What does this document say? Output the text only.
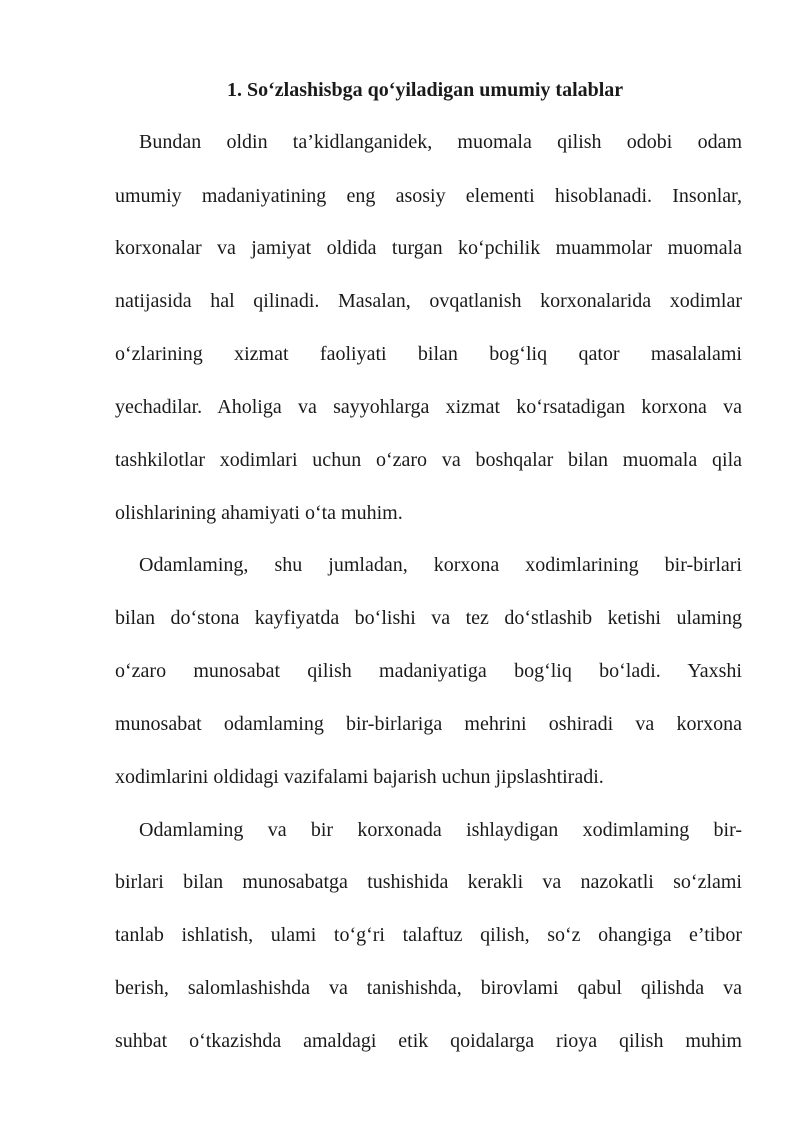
1. So‘zlashisbga qo‘yiladigan umumiy talablar
Bundan oldin ta’kidlanganidek, muomala qilish odobi odam
umumiy madaniyatining eng asosiy elementi hisoblanadi. Insonlar,
korxonalar va jamiyat oldida turgan ko‘pchilik muammolar muomala
natijasida hal qilinadi. Masalan, ovqatlanish korxonalarida xodimlar
o‘zlarining xizmat faoliyati bilan bog‘liq qator masalalami
yechadilar. Aholiga va sayyohlarga xizmat ko‘rsatadigan korxona va
tashkilotlar xodimlari uchun o‘zaro va boshqalar bilan muomala qila
olishlarining ahamiyati o‘ta muhim.
Odamlaming, shu jumladan, korxona xodimlarining bir-birlari
bilan do‘stona kayfiyatda bo‘lishi va tez do‘stlashib ketishi ulaming
o‘zaro munosabat qilish madaniyatiga bog‘liq bo‘ladi. Yaxshi
munosabat odamlaming bir-birlariga mehrini oshiradi va korxona
xodimlarini oldidagi vazifalami bajarish uchun jipslashtiradi.
Odamlaming va bir korxonada ishlaydigan xodimlaming bir-
birlari bilan munosabatga tushishida kerakli va nazokatli so‘zlami
tanlab ishlatish, ulami to‘g‘ri talaftuz qilish, so‘z ohangiga e’tibor
berish, salomlashishda va tanishishda, birovlami qabul qilishda va
suhbat o‘tkazishda amaldagi etik qoidalarga rioya qilish muhim
